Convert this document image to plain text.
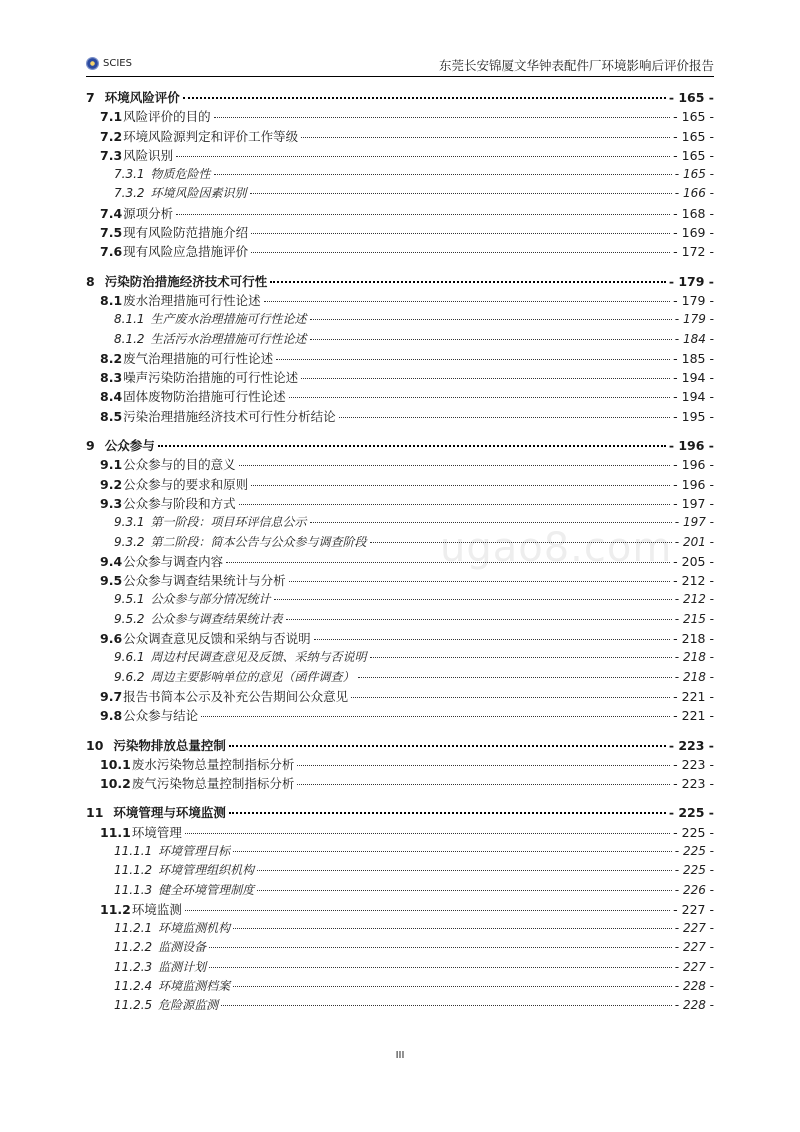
SCIES	东莞长安锦厦文华钟表配件厂环境影响后评价报告
ugao8.com
7 环境风险评价	- 165 -
7.1 风险评价的目的	- 165 -
7.2 环境风险源判定和评价工作等级	- 165 -
7.3 风险识别	- 165 -
7.3.1 物质危险性	- 165 -
7.3.2 环境风险因素识别	- 166 -
7.4 源项分析	- 168 -
7.5 现有风险防范措施介绍	- 169 -
7.6 现有风险应急措施评价	- 172 -
8 污染防治措施经济技术可行性	- 179 -
8.1 废水治理措施可行性论述	- 179 -
8.1.1 生产废水治理措施可行性论述	- 179 -
8.1.2 生活污水治理措施可行性论述	- 184 -
8.2 废气治理措施的可行性论述	- 185 -
8.3 噪声污染防治措施的可行性论述	- 194 -
8.4 固体废物防治措施可行性论述	- 194 -
8.5 污染治理措施经济技术可行性分析结论	- 195 -
9 公众参与	- 196 -
9.1 公众参与的目的意义	- 196 -
9.2 公众参与的要求和原则	- 196 -
9.3 公众参与阶段和方式	- 197 -
9.3.1 第一阶段：项目环评信息公示	- 197 -
9.3.2 第二阶段：简本公告与公众参与调查阶段	- 201 -
9.4 公众参与调查内容	- 205 -
9.5 公众参与调查结果统计与分析	- 212 -
9.5.1 公众参与部分情况统计	- 212 -
9.5.2 公众参与调查结果统计表	- 215 -
9.6 公众调查意见反馈和采纳与否说明	- 218 -
9.6.1 周边村民调查意见及反馈、采纳与否说明	- 218 -
9.6.2 周边主要影响单位的意见（函件调查）	- 218 -
9.7 报告书简本公示及补充公告期间公众意见	- 221 -
9.8 公众参与结论	- 221 -
10 污染物排放总量控制	- 223 -
10.1 废水污染物总量控制指标分析	- 223 -
10.2 废气污染物总量控制指标分析	- 223 -
11 环境管理与环境监测	- 225 -
11.1 环境管理	- 225 -
11.1.1 环境管理目标	- 225 -
11.1.2 环境管理组织机构	- 225 -
11.1.3 健全环境管理制度	- 226 -
11.2 环境监测	- 227 -
11.2.1 环境监测机构	- 227 -
11.2.2 监测设备	- 227 -
11.2.3 监测计划	- 227 -
11.2.4 环境监测档案	- 228 -
11.2.5 危险源监测	- 228 -
III
